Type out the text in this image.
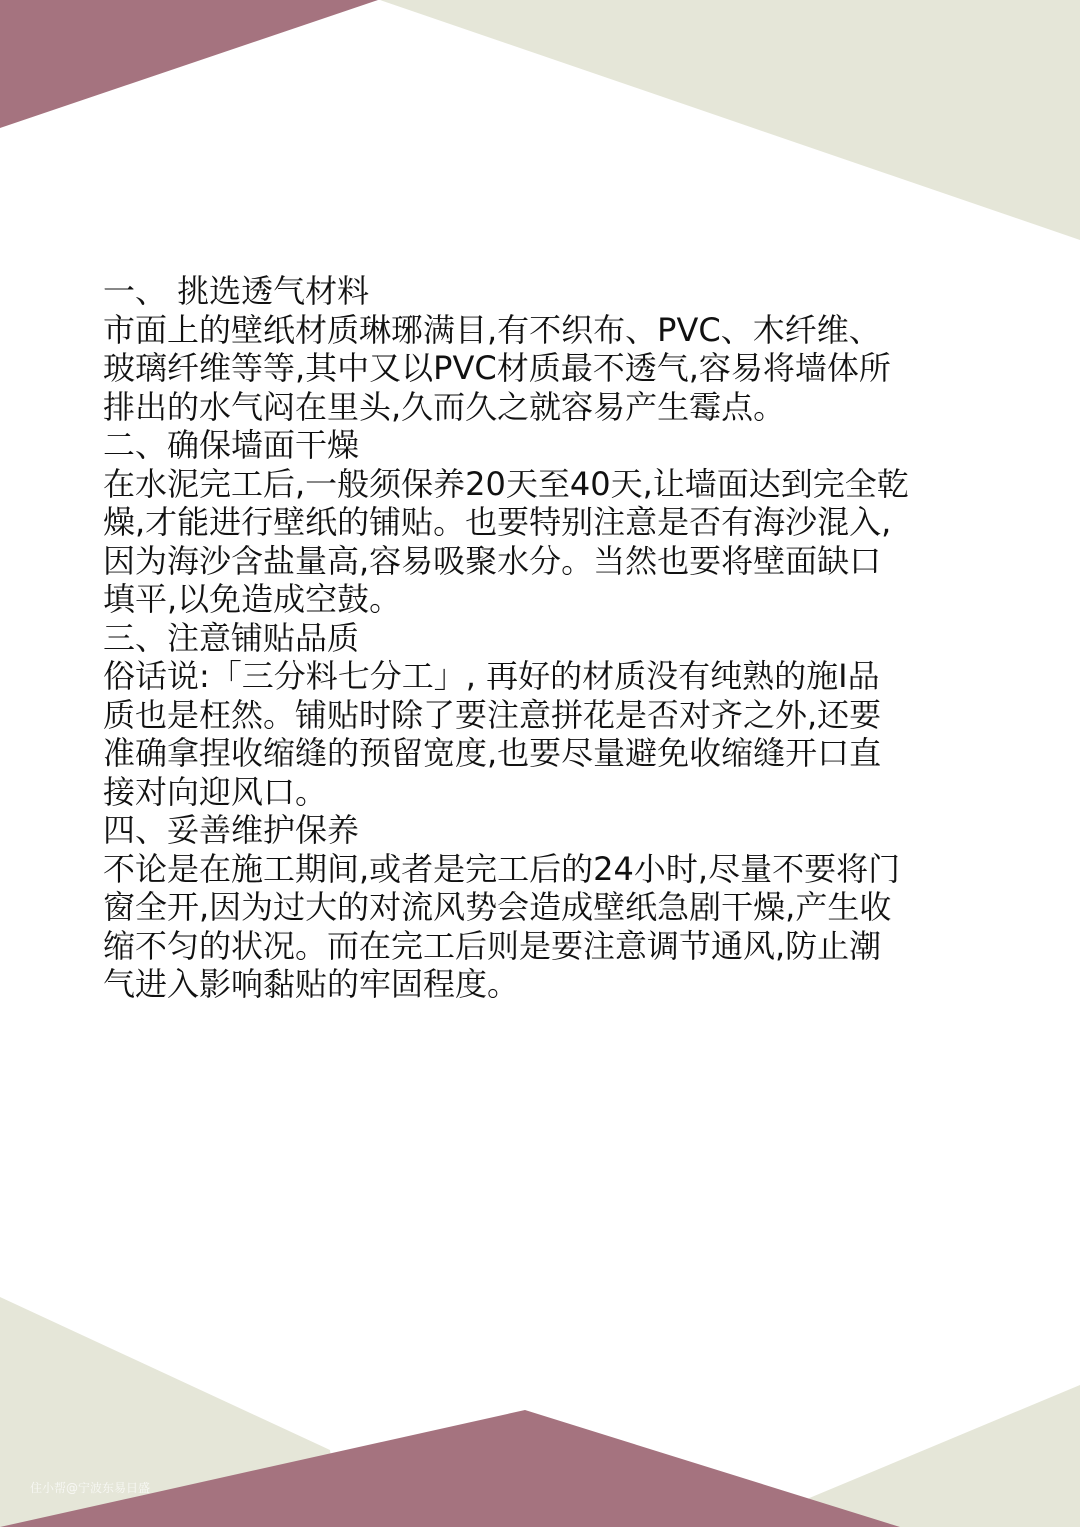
一、 挑选透气材料
市面上的壁纸材质琳琊满目,有不织布、PVC、木纤维、
玻璃纤维等等,其中又以PVC材质最不透气,容易将墙体所
排出的水气闷在里头,久而久之就容易产生霉点。
二、确保墙面干燥
在水泥完工后,一般须保养20天至40天,让墙面达到完全乾
燥,才能进行壁纸的铺贴。也要特别注意是否有海沙混入,
因为海沙含盐量高,容易吸聚水分。当然也要将壁面缺口
填平,以免造成空鼓。
三、注意铺贴品质
俗话说:「三分料七分工」, 再好的材质没有纯熟的施I品
质也是枉然。铺贴时除了要注意拼花是否对齐之外,还要
准确拿捏收缩缝的预留宽度,也要尽量避免收缩缝开口直
接对向迎风口。
四、妥善维护保养
不论是在施工期间,或者是完工后的24小时,尽量不要将门
窗全开,因为过大的对流风势会造成壁纸急剧干燥,产生收
缩不匀的状况。而在完工后则是要注意调节通风,防止潮
气进入影响黏贴的牢固程度。
住小帮@宁波东易日盛
